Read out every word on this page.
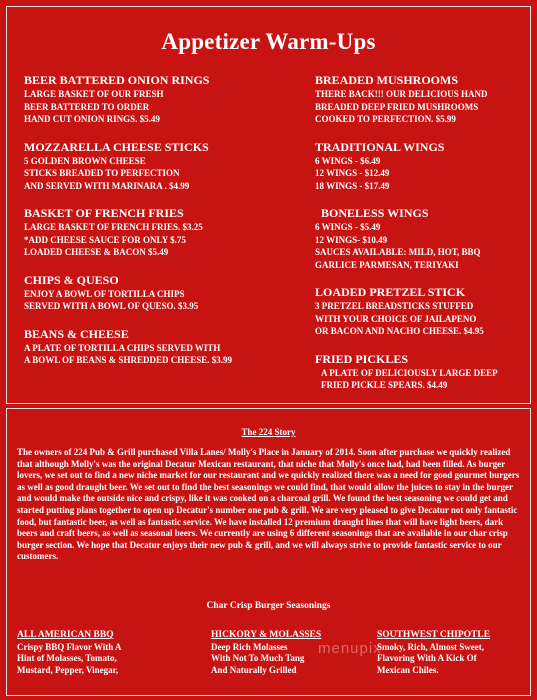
Appetizer Warm-Ups
BEER BATTERED ONION RINGS
LARGE BASKET OF OUR FRESH
BEER BATTERED TO ORDER
HAND CUT ONION RINGS. $5.49
MOZZARELLA CHEESE STICKS
5 GOLDEN BROWN CHEESE
STICKS BREADED TO PERFECTION
AND SERVED WITH MARINARA . $4.99
BASKET OF FRENCH FRIES
LARGE BASKET OF FRENCH FRIES. $3.25
*ADD CHEESE SAUCE FOR ONLY $.75
LOADED CHEESE & BACON $5.49
CHIPS & QUESO
ENJOY A BOWL OF TORTILLA CHIPS
SERVED WITH A BOWL OF QUESO. $3.95
BEANS & CHEESE
A PLATE OF TORTILLA CHIPS SERVED WITH
A BOWL OF BEANS & SHREDDED CHEESE. $3.99
BREADED MUSHROOMS
THERE BACK!!! OUR DELICIOUS HAND
BREADED DEEP FRIED MUSHROOMS
COOKED TO PERFECTION. $5.99
TRADITIONAL WINGS
6 WINGS - $6.49
12 WINGS - $12.49
18 WINGS - $17.49
BONELESS WINGS
6 WINGS - $5.49
12 WINGS- $10.49
SAUCES AVAILABLE: MILD, HOT, BBQ
GARLICE PARMESAN, TERIYAKI
LOADED PRETZEL STICK
3 PRETZEL BREADSTICKS STUFFED
WITH YOUR CHOICE OF JAILAPENO
OR BACON AND NACHO CHEESE. $4.95
FRIED PICKLES
A PLATE OF DELICIOUSLY LARGE DEEP
FRIED PICKLE SPEARS. $4.49
The 224 Story
The owners of 224 Pub & Grill purchased Villa Lanes/ Molly's Place in January of 2014. Soon after purchase we quickly realized that although Molly's was the original Decatur Mexican restaurant, that niche that Molly's once had, had been filled. As burger lovers, we set out to find a new niche market for our restaurant and we quickly realized there was a need for good gourmet burgers as well as good draught beer. We set out to find the best seasonings we could find, that would allow the juices to stay in the burger and would make the outside nice and crispy, like it was cooked on a charcoal grill. We found the best seasoning we could get and started putting plans together to open up Decatur's number one pub & grill. We are very pleased to give Decatur not only fantastic food, but fantastic beer, as well as fantastic service. We have installed 12 premium draught lines that will have light beers, dark beers and craft beers, as well as seasonal beers. We currently are using 6 different seasonings that are available in our char crisp burger section. We hope that Decatur enjoys their new pub & grill, and we will always strive to provide fantastic service to our customers.
Char Crisp Burger Seasonings
ALL AMERICAN BBQ
Crispy BBQ Flavor With A
Hint of Molasses, Tomato,
Mustard, Pepper, Vinegar,
HICKORY & MOLASSES
Deep Rich Molasses
With Not To Much Tang
And Naturally Grilled
SOUTHWEST CHIPOTLE
Smoky, Rich, Almost Sweet,
Flavoring With A Kick Of
Mexican Chiles.
menupix
